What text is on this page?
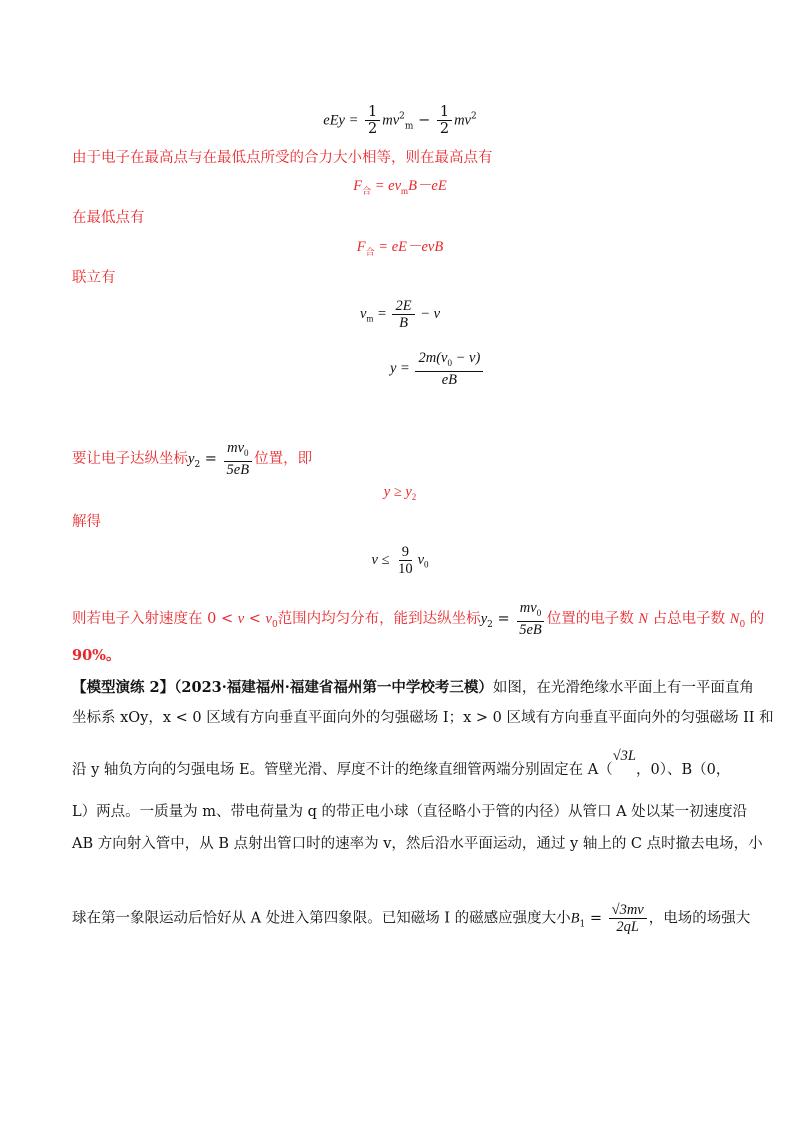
eEy = $\frac{1}{2} mv^2_m - \frac{1}{2} mv^2$
由于电子在最高点与在最低点所受的合力大小相等，则在最高点有
$F_合 = ev_mB-eE$
在最低点有
$F_合 = eE-evB$
联立有
$v_m = \frac{2E}{B} - v$
$y = \frac{2m(v_0 - v)}{eB}$
要让电子达纵坐标$y_2 = \frac{mv_0}{5eB}$ 位置，即
$y \ge y_2$
解得
$v \le \frac{9}{10} v_0$
则若电子入射速度在 $0 < v < v_0$范围内均匀分布，能到达纵坐标$y_2 = \frac{mv_0}{5eB}$ 位置的电子数 N 占总电子数 $N_0$ 的
90%。
【模型演练 2】（2023·福建福州·福建省福州第一中学校考三模）如图，在光滑绝缘水平面上有一平面直角
坐标系 xOy，x < 0 区域有方向垂直平面向外的匀强磁场 I；x > 0 区域有方向垂直平面向外的匀强磁场 II 和
沿 y 轴负方向的匀强电场 E。管壁光滑、厚度不计的绝缘直细管两端分别固定在 A（√3L，0）、B（0，
L）两点。一质量为 m、带电荷量为 q 的带正电小球（直径略小于管的内径）从管口 A 处以某一初速度沿
AB 方向射入管中，从 B 点射出管口时的速率为 v，然后沿水平面运动，通过 y 轴上的 C 点时撤去电场，小
球在第一象限运动后恰好从 A 处进入第四象限。已知磁场 I 的磁感应强度大小$B_1 = \frac{√3mv}{2qL}$ ，电场的场强大
